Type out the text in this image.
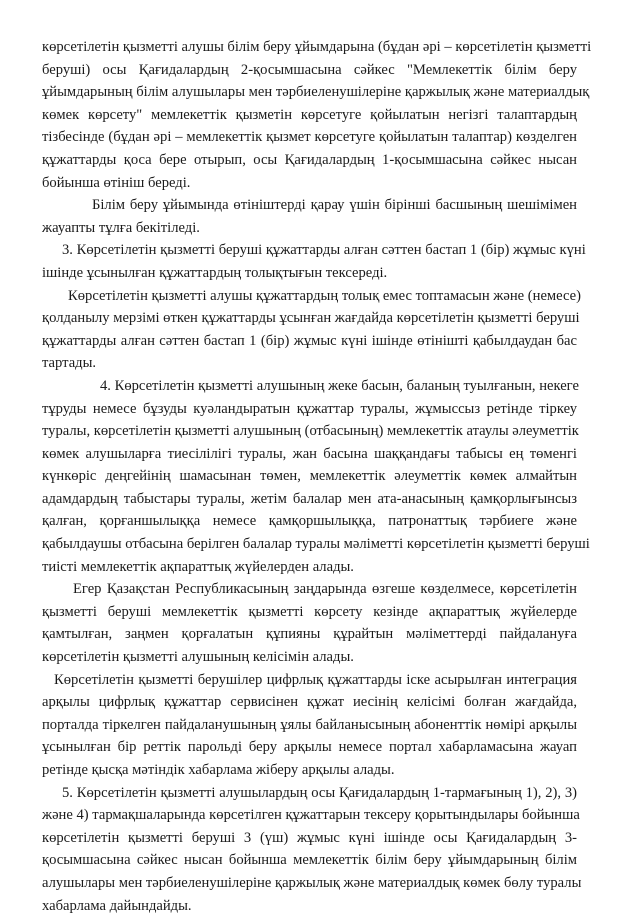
көрсетілетін қызметті алушы білім беру ұйымдарына (бұдан әрі – көрсетілетін қызметті
беруші) осы Қағидалардың 2-қосымшасына сәйкес "Мемлекеттік білім беру
ұйымдарының білім алушылары мен тәрбиеленушілеріне қаржылық және материалдық
көмек көрсету" мемлекеттік қызметін көрсетуге қойылатын негізгі талаптардың
тізбесінде (бұдан әрі – мемлекеттік қызмет көрсетуге қойылатын талаптар) көзделген
құжаттарды қоса бере отырып, осы Қағидалардың 1-қосымшасына сәйкес нысан
бойынша өтініш береді.
Білім беру ұйымында өтініштерді қарау үшін бірінші басшының шешімімен
жауапты тұлға бекітіледі.
3. Көрсетілетін қызметті беруші құжаттарды алған сәттен бастап 1 (бір) жұмыс күні
ішінде ұсынылған құжаттардың толықтығын тексереді.
Көрсетілетін қызметті алушы құжаттардың толық емес топтамасын және (немесе)
қолданылу мерзімі өткен құжаттарды ұсынған жағдайда көрсетілетін қызметті беруші
құжаттарды алған сәттен бастап 1 (бір) жұмыс күні ішінде өтінішті қабылдаудан бас
тартады.
4. Көрсетілетін қызметті алушының жеке басын, баланың туылғанын, некеге
тұруды немесе бұзуды куәландыратын құжаттар туралы, жұмыссыз ретінде тіркеу
туралы, көрсетілетін қызметті алушының (отбасының) мемлекеттік атаулы әлеуметтік
көмек алушыларға тиесілілігі туралы, жан басына шаққандағы табысы ең төменгі
күнкөріс деңгейінің шамасынан төмен, мемлекеттік әлеуметтік көмек алмайтын
адамдардың табыстары туралы, жетім балалар мен ата-анасының қамқорлығынсыз
қалған, қорғаншылыққа немесе қамқоршылыққа, патронаттық тәрбиеге және
қабылдаушы отбасына берілген балалар туралы мәліметті көрсетілетін қызметті беруші
тиісті мемлекеттік ақпараттық жүйелерден алады.
Егер Қазақстан Республикасының заңдарында өзгеше көзделмесе, көрсетілетін
қызметті беруші мемлекеттік қызметті көрсету кезінде ақпараттық жүйелерде
қамтылған, заңмен қорғалатын құпияны құрайтын мәліметтерді пайдалануға
көрсетілетін қызметті алушының келісімін алады.
Көрсетілетін қызметті берушілер цифрлық құжаттарды іске асырылған интеграция
арқылы цифрлық құжаттар сервисінен құжат иесінің келісімі болған жағдайда,
порталда тіркелген пайдаланушының ұялы байланысының абоненттік нөмірі арқылы
ұсынылған бір реттік парольді беру арқылы немесе портал хабарламасына жауап
ретінде қысқа мәтіндік хабарлама жіберу арқылы алады.
5. Көрсетілетін қызметті алушылардың осы Қағидалардың 1-тармағының 1), 2), 3)
және 4) тармақшаларында көрсетілген құжаттарын тексеру қорытындылары бойынша
көрсетілетін қызметті беруші 3 (үш) жұмыс күні ішінде осы Қағидалардың 3-
қосымшасына сәйкес нысан бойынша мемлекеттік білім беру ұйымдарының білім
алушылары мен тәрбиеленушілеріне қаржылық және материалдық көмек бөлу туралы
хабарлама дайындайды.
